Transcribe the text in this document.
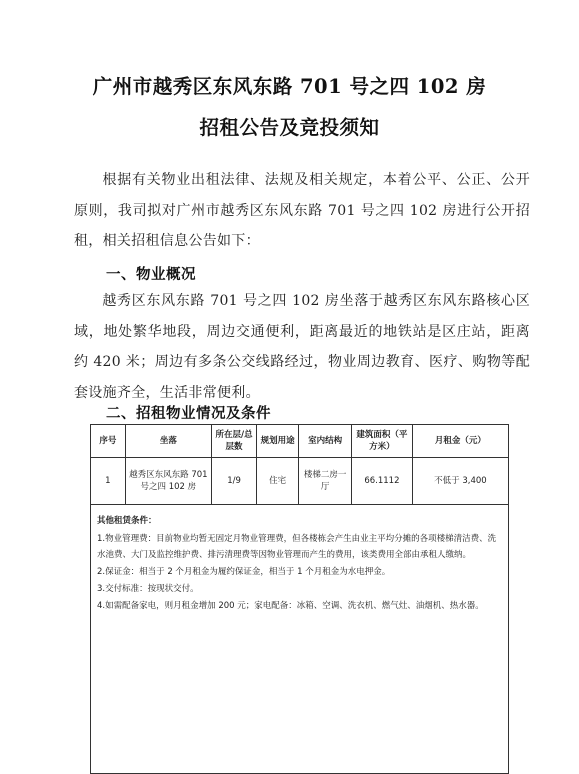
广州市越秀区东风东路 701 号之四 102 房
招租公告及竞投须知
根据有关物业出租法律、法规及相关规定，本着公平、公正、公开原则，我司拟对广州市越秀区东风东路 701 号之四 102 房进行公开招租，相关招租信息公告如下：
一、物业概况
越秀区东风东路 701 号之四 102 房坐落于越秀区东风东路核心区域，地处繁华地段，周边交通便利，距离最近的地铁站是区庄站，距离约 420 米；周边有多条公交线路经过，物业周边教育、医疗、购物等配套设施齐全，生活非常便利。
二、招租物业情况及条件
序号	坐落	所在层/总层数	规划用途	室内结构	建筑面积（平方米）	月租金（元）
1	越秀区东风东路 701 号之四 102 房	1/9	住宅	楼梯二房一厅	66.1112	不低于 3,400

其他租赁条件：
1.物业管理费：目前物业均暂无固定月物业管理费，但各楼栋会产生由业主平均分摊的各项楼梯清洁费、洗水池费、大门及监控维护费、排污清理费等因物业管理而产生的费用，该类费用全部由承租人缴纳。
2.保证金：相当于 2 个月租金为履约保证金，相当于 1 个月租金为水电押金。
3.交付标准：按现状交付。
4.如需配备家电，则月租金增加 200 元；家电配备：冰箱、空调、洗衣机、燃气灶、油烟机、热水器。						
